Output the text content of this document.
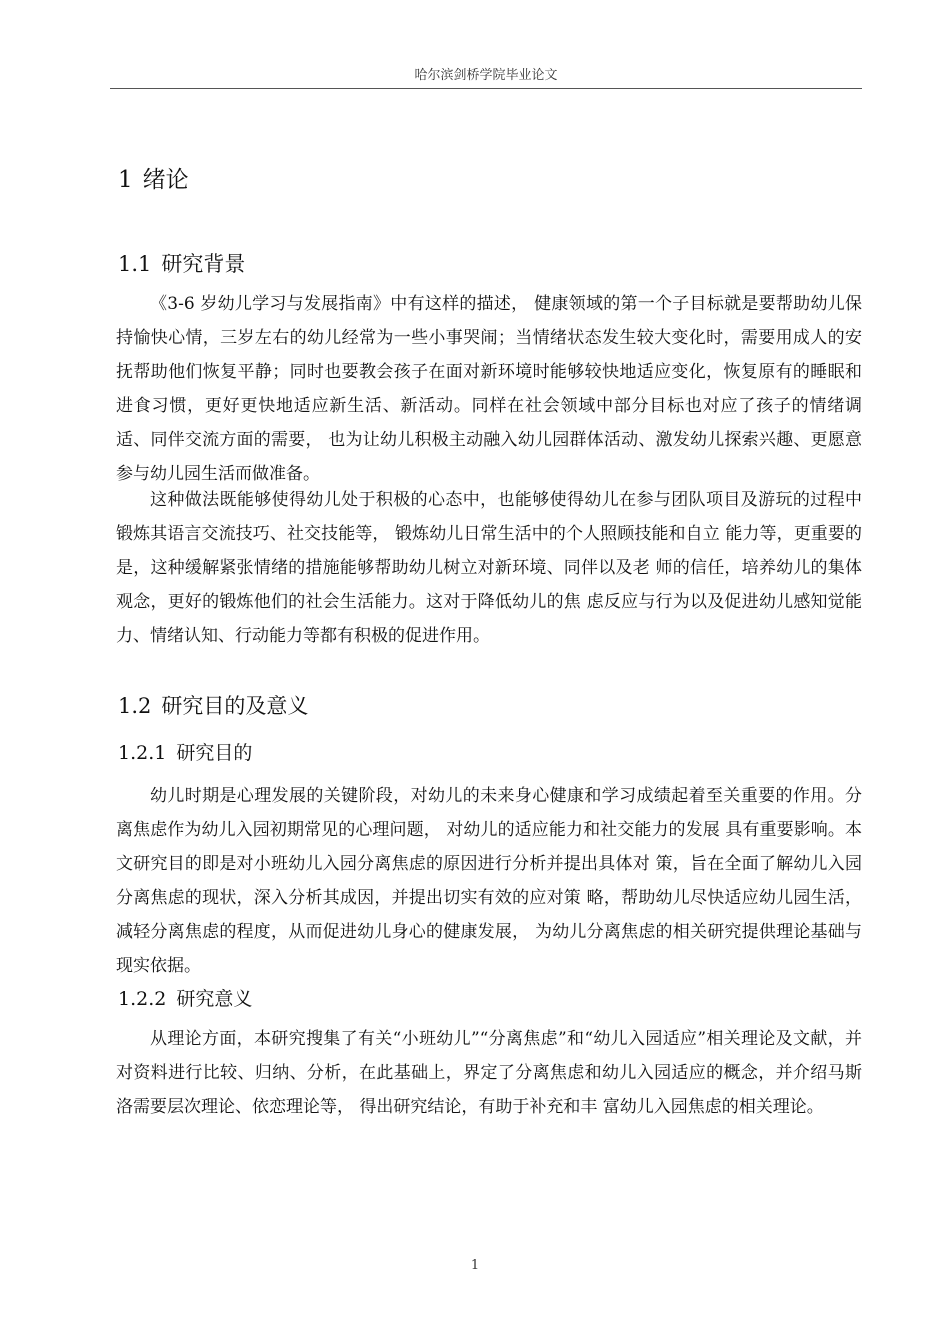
哈尔滨剑桥学院毕业论文
1 绪论
1.1 研究背景

《3-6 岁幼儿学习与发展指南》中有这样的描述， 健康领域的第一个子目标就是要帮助幼儿保持愉快心情，三岁左右的幼儿经常为一些小事哭闹；当情绪状态发生较大变化时，需要用成人的安抚帮助他们恢复平静；同时也要教会孩子在面对新环境时能够较快地适应变化，恢复原有的睡眠和进食习惯，更好更快地适应新生活、新活动。同样在社会领域中部分目标也对应了孩子的情绪调适、同伴交流方面的需要， 也为让幼儿积极主动融入幼儿园群体活动、激发幼儿探索兴趣、更愿意参与幼儿园生活而做准备。

这种做法既能够使得幼儿处于积极的心态中，也能够使得幼儿在参与团队项目及游玩的过程中锻炼其语言交流技巧、社交技能等， 锻炼幼儿日常生活中的个人照顾技能和自立 能力等，更重要的是，这种缓解紧张情绪的措施能够帮助幼儿树立对新环境、同伴以及老 师的信任，培养幼儿的集体观念，更好的锻炼他们的社会生活能力。这对于降低幼儿的焦 虑反应与行为以及促进幼儿感知觉能力、情绪认知、行动能力等都有积极的促进作用。

1.2 研究目的及意义
1.2.1 研究目的

幼儿时期是心理发展的关键阶段，对幼儿的未来身心健康和学习成绩起着至关重要的作用。分离焦虑作为幼儿入园初期常见的心理问题， 对幼儿的适应能力和社交能力的发展 具有重要影响。本文研究目的即是对小班幼儿入园分离焦虑的原因进行分析并提出具体对 策，旨在全面了解幼儿入园分离焦虑的现状，深入分析其成因，并提出切实有效的应对策 略，帮助幼儿尽快适应幼儿园生活，减轻分离焦虑的程度，从而促进幼儿身心的健康发展， 为幼儿分离焦虑的相关研究提供理论基础与现实依据。

1.2.2 研究意义

从理论方面，本研究搜集了有关“小班幼儿”“分离焦虑”和“幼儿入园适应”相关理论及文献，并对资料进行比较、归纳、分析，在此基础上，界定了分离焦虑和幼儿入园适应的概念，并介绍马斯洛需要层次理论、依恋理论等， 得出研究结论，有助于补充和丰 富幼儿入园焦虑的相关理论。

1
